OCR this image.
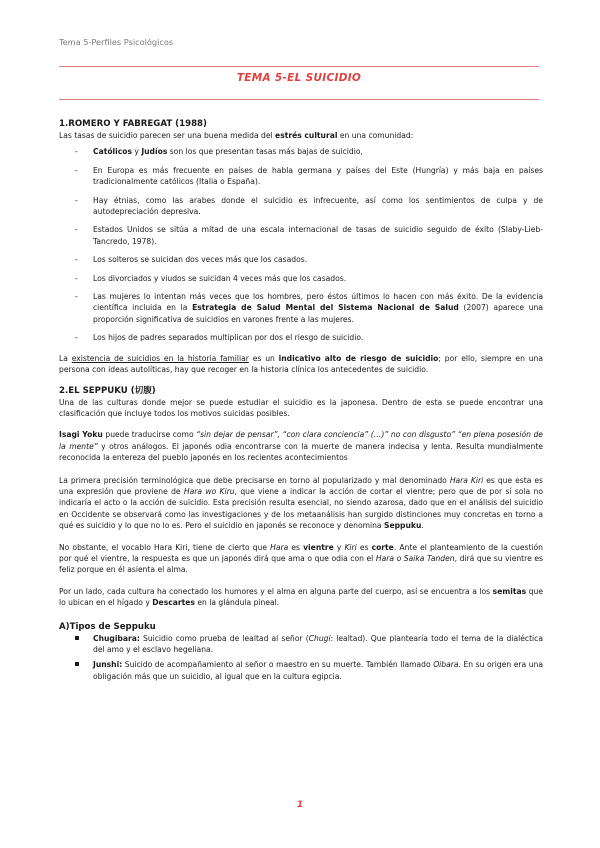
Tema 5-Perfiles Psicológicos
TEMA 5-EL SUICIDIO
1.ROMERO Y FABREGAT (1988)

Las tasas de suicidio parecen ser una buena medida del estrés cultural en una comunidad:

- Católicos y Judíos son los que presentan tasas más bajas de suicidio,
- En Europa es más frecuente en países de habla germana y países del Este (Hungría) y más baja en países tradicionalmente católicos (Italia o España).
- Hay étnias, como las arabes donde el suicidio es infrecuente, así como los sentimientos de culpa y de autodepreciación depresiva.
- Estados Unidos se sitúa a mitad de una escala internacional de tasas de suicidio seguido de éxito (Slaby-Lieb-Tancredo, 1978).
- Los solteros se suicidan dos veces más que los casados.
- Los divorciados y viudos se suicidan 4 veces más que los casados.
- Las mujeres lo intentan más veces que los hombres, pero éstos últimos lo hacen con más éxito. De la evidencia científica incluida en la Estrategia de Salud Mental del Sistema Nacional de Salud (2007) aparece una proporción significativa de suicidios en varones frente a las mujeres.
- Los hijos de padres separados multiplican por dos el riesgo de suicidio.

La existencia de suicidios en la historia familiar es un indicativo alto de riesgo de suicidio; por ello, siempre en una persona con ideas autolíticas, hay que recoger en la historia clínica los antecedentes de suicidio.

2.EL SEPPUKU (切腹)

Una de las culturas donde mejor se puede estudiar el suicidio es la japonesa. Dentro de esta se puede encontrar una clasificación que incluye todos los motivos suicidas posibles.

Isagi Yoku puede traducirse como “sin dejar de pensar”, “con clara conciencia” (…)” no con disgusto” “en plena posesión de la mente” y otros análogos. El japonés odia encontrarse con la muerte de manera indecisa y lenta. Resulta mundialmente reconocida la entereza del pueblo japonés en los recientes acontecimientos

La primera precisión terminológica que debe precisarse en torno al popularizado y mal denominado Hara Kiri es que esta es una expresión que proviene de Hara wo Kiru, que viene a indicar la acción de cortar el vientre; pero que de por sí sola no indicaría el acto o la acción de suicidio. Esta precisión resulta esencial, no siendo azarosa, dado que en el análisis del suicidio en Occidente se observará como las investigaciones y de los metaanálisis han surgido distinciones muy concretas en torno a qué es suicidio y lo que no lo es. Pero el suicidio en japonés se reconoce y denomina Seppuku.

No obstante, el vocablo Hara Kiri, tiene de cierto que Hara es vientre y Kiri es corte. Ante el planteamiento de la cuestión por qué el vientre, la respuesta es que un japonés dirá que ama o que odia con el Hara o Saika Tanden, dirá que su vientre es feliz porque en él asienta el alma.

Por un lado, cada cultura ha conectado los humores y el alma en alguna parte del cuerpo, así se encuentra a los semitas que lo ubican en el hígado y Descartes en la glándula pineal.

A)Tipos de Seppuku
Chugibara: Suicidio como prueba de lealtad al señor (Chugi: lealtad). Que plantearía todo el tema de la dialéctica del amo y el esclavo hegeliana.
Junshi: Suicido de acompañamiento al señor o maestro en su muerte. También llamado Oibara. En su origen era una obligación más que un suicidio, al igual que en la cultura egipcia.
1
